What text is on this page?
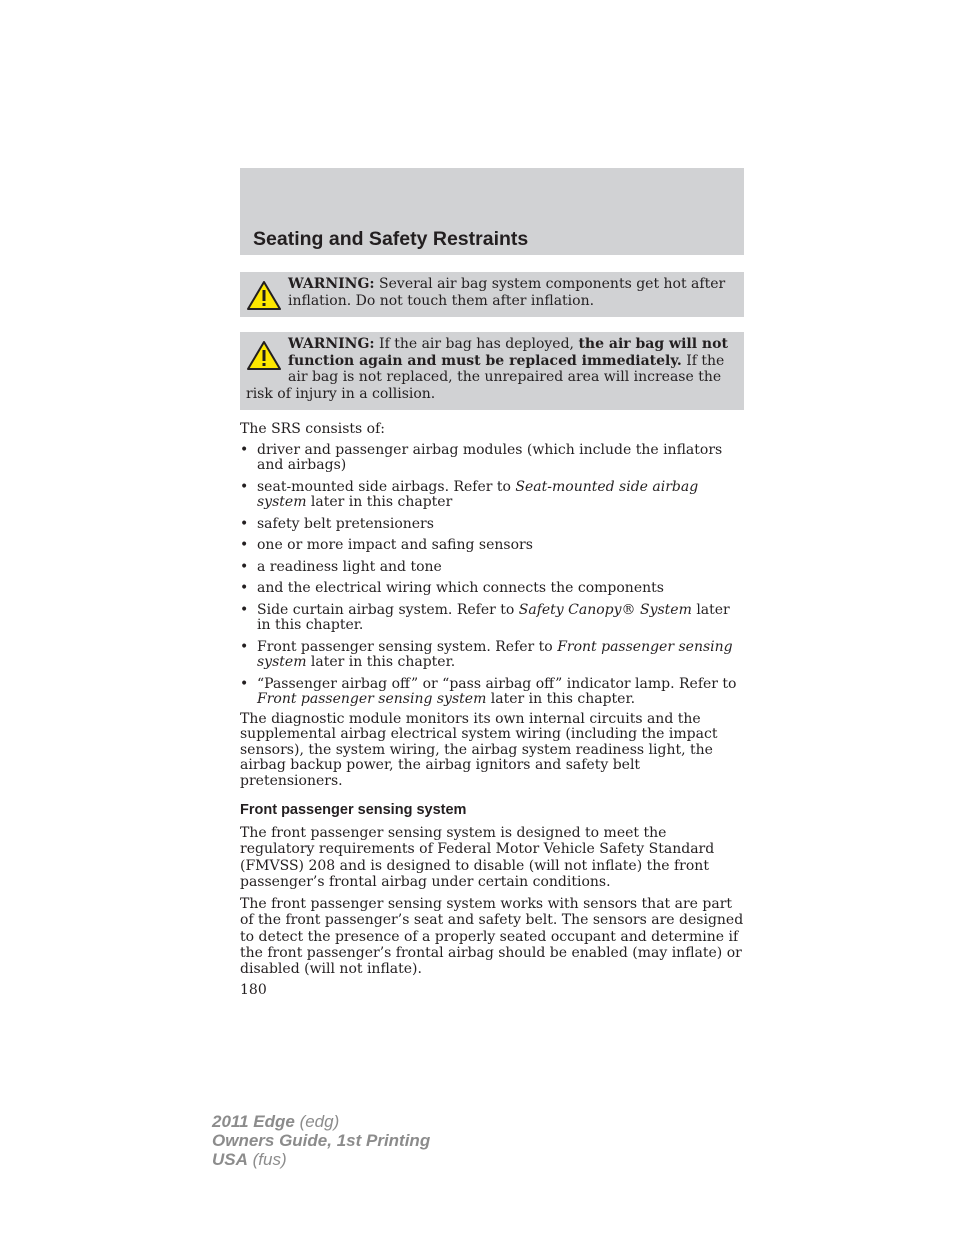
Seating and Safety Restraints
WARNING: Several air bag system components get hot after inflation. Do not touch them after inflation.
WARNING: If the air bag has deployed, the air bag will not function again and must be replaced immediately. If the air bag is not replaced, the unrepaired area will increase the risk of injury in a collision.

The SRS consists of:

• driver and passenger airbag modules (which include the inflators and airbags)
• seat-mounted side airbags. Refer to Seat-mounted side airbag system later in this chapter
• safety belt pretensioners
• one or more impact and safing sensors
• a readiness light and tone
• and the electrical wiring which connects the components
• Side curtain airbag system. Refer to Safety Canopy® System later in this chapter.
• Front passenger sensing system. Refer to Front passenger sensing system later in this chapter.
• “Passenger airbag off” or “pass airbag off” indicator lamp. Refer to Front passenger sensing system later in this chapter.

The diagnostic module monitors its own internal circuits and the supplemental airbag electrical system wiring (including the impact sensors), the system wiring, the airbag system readiness light, the airbag backup power, the airbag ignitors and safety belt pretensioners.

Front passenger sensing system

The front passenger sensing system is designed to meet the regulatory requirements of Federal Motor Vehicle Safety Standard (FMVSS) 208 and is designed to disable (will not inflate) the front passenger’s frontal airbag under certain conditions.

The front passenger sensing system works with sensors that are part of the front passenger’s seat and safety belt. The sensors are designed to detect the presence of a properly seated occupant and determine if the front passenger’s frontal airbag should be enabled (may inflate) or disabled (will not inflate).

180
2011 Edge (edg)
Owners Guide, 1st Printing
USA (fus)
